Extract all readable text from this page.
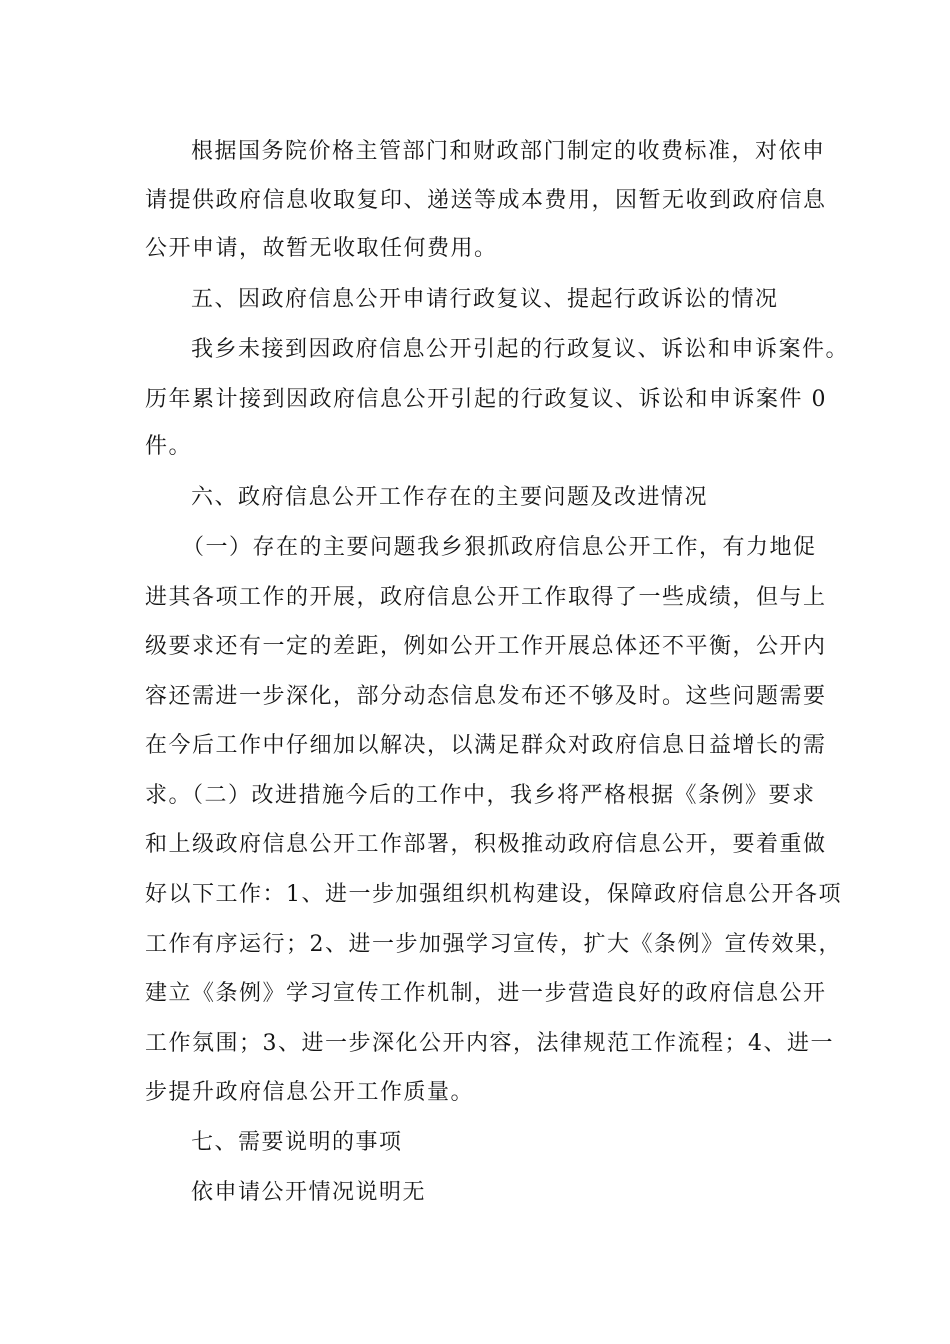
根据国务院价格主管部门和财政部门制定的收费标准，对依申
请提供政府信息收取复印、递送等成本费用，因暂无收到政府信息
公开申请，故暂无收取任何费用。
五、因政府信息公开申请行政复议、提起行政诉讼的情况
我乡未接到因政府信息公开引起的行政复议、诉讼和申诉案件。
历年累计接到因政府信息公开引起的行政复议、诉讼和申诉案件 0
件。
六、政府信息公开工作存在的主要问题及改进情况
（一）存在的主要问题我乡狠抓政府信息公开工作，有力地促
进其各项工作的开展，政府信息公开工作取得了一些成绩，但与上
级要求还有一定的差距，例如公开工作开展总体还不平衡，公开内
容还需进一步深化，部分动态信息发布还不够及时。这些问题需要
在今后工作中仔细加以解决，以满足群众对政府信息日益增长的需
求。（二）改进措施今后的工作中，我乡将严格根据《条例》要求
和上级政府信息公开工作部署，积极推动政府信息公开，要着重做
好以下工作：1、进一步加强组织机构建设，保障政府信息公开各项
工作有序运行；2、进一步加强学习宣传，扩大《条例》宣传效果，
建立《条例》学习宣传工作机制，进一步营造良好的政府信息公开
工作氛围；3、进一步深化公开内容，法律规范工作流程；4、进一
步提升政府信息公开工作质量。
七、需要说明的事项
依申请公开情况说明无
